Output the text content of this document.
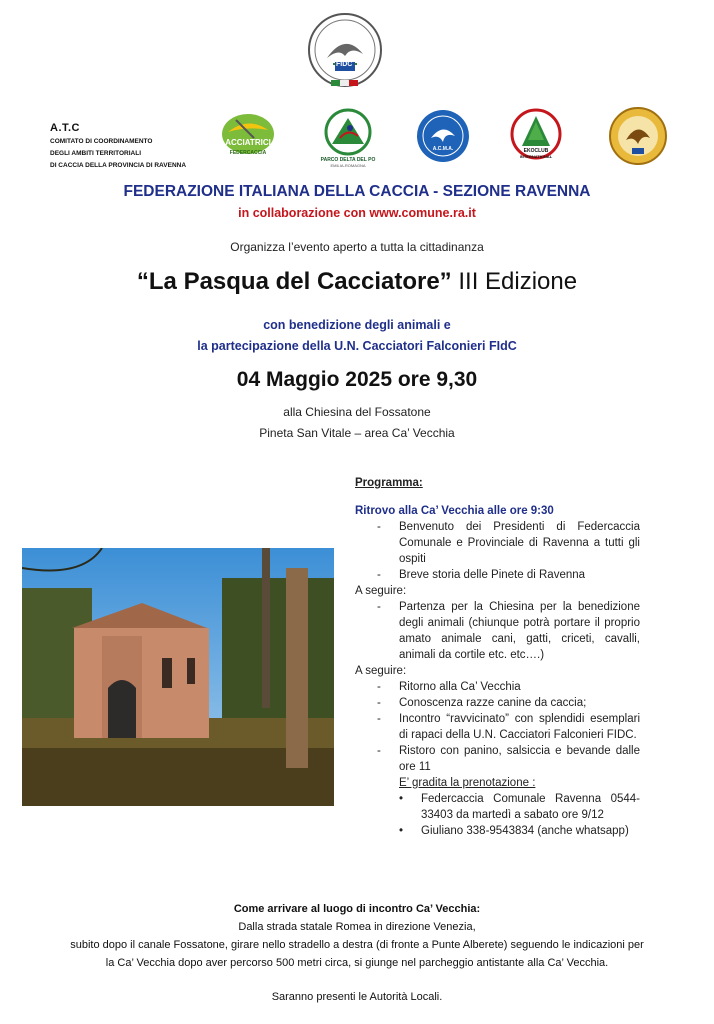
FIDC
A.T.C
COMITATO DI COORDINAMENTO
DEGLI AMBITI TERRITORIALI
DI CACCIA DELLA PROVINCIA DI RAVENNA
ACCIATRICI
FEDERCACCIA
PARCO DELTA DEL PO
EMILIA-ROMAGNA
A.C.M.A.	EKOCLUB
INTERNATIONAL
FEDERAZIONE ITALIANA DELLA CACCIA - SEZIONE RAVENNA
in collaborazione con www.comune.ra.it
Organizza l’evento aperto a tutta la cittadinanza
“La Pasqua del Cacciatore” III Edizione
con benedizione degli animali e
la partecipazione della U.N. Cacciatori Falconieri FIdC
04 Maggio 2025 ore 9,30
alla Chiesina del Fossatone
Pineta San Vitale – area Ca’ Vecchia
Programma:
Ritrovo alla Ca’ Vecchia alle ore 9:30
- Benvenuto dei Presidenti di Federcaccia Comunale e Provinciale di Ravenna a tutti gli ospiti
- Breve storia delle Pinete di Ravenna
A seguire:
- Partenza per la Chiesina per la benedizione degli animali (chiunque potrà portare il proprio amato animale cani, gatti, criceti, cavalli, animali da cortile etc. etc….)
A seguire:
- Ritorno alla Ca’ Vecchia
- Conoscenza razze canine da caccia;
- Incontro “ravvicinato” con splendidi esemplari di rapaci della U.N. Cacciatori Falconieri FIDC.
- Ristoro con panino, salsiccia e bevande dalle ore 11
E’ gradita la prenotazione :
•	Federcaccia Comunale Ravenna 0544-33403 da martedì a sabato ore 9/12
•	Giuliano 338-9543834 (anche whatsapp)
Come arrivare al luogo di incontro Ca’ Vecchia:
Dalla strada statale Romea in direzione Venezia,
subito dopo il canale Fossatone, girare nello stradello a destra (di fronte a Punte Alberete) seguendo le indicazioni per
la Ca’ Vecchia dopo aver percorso 500 metri circa, si giunge nel parcheggio antistante alla Ca’ Vecchia.
Saranno presenti le Autorità Locali.
